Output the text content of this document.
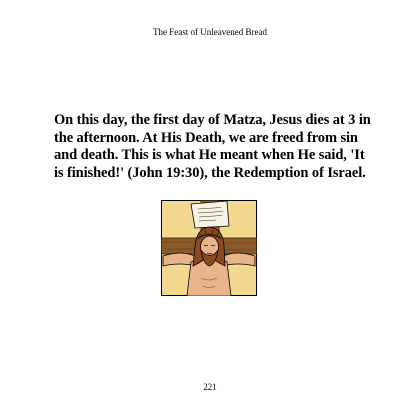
The Feast of Unleavened Bread
On this day, the first day of Matza, Jesus dies at 3 in the afternoon. At His Death, we are freed from sin and death. This is what He meant when He said, 'It is finished!' (John 19:30), the Redemption of Israel.
221
